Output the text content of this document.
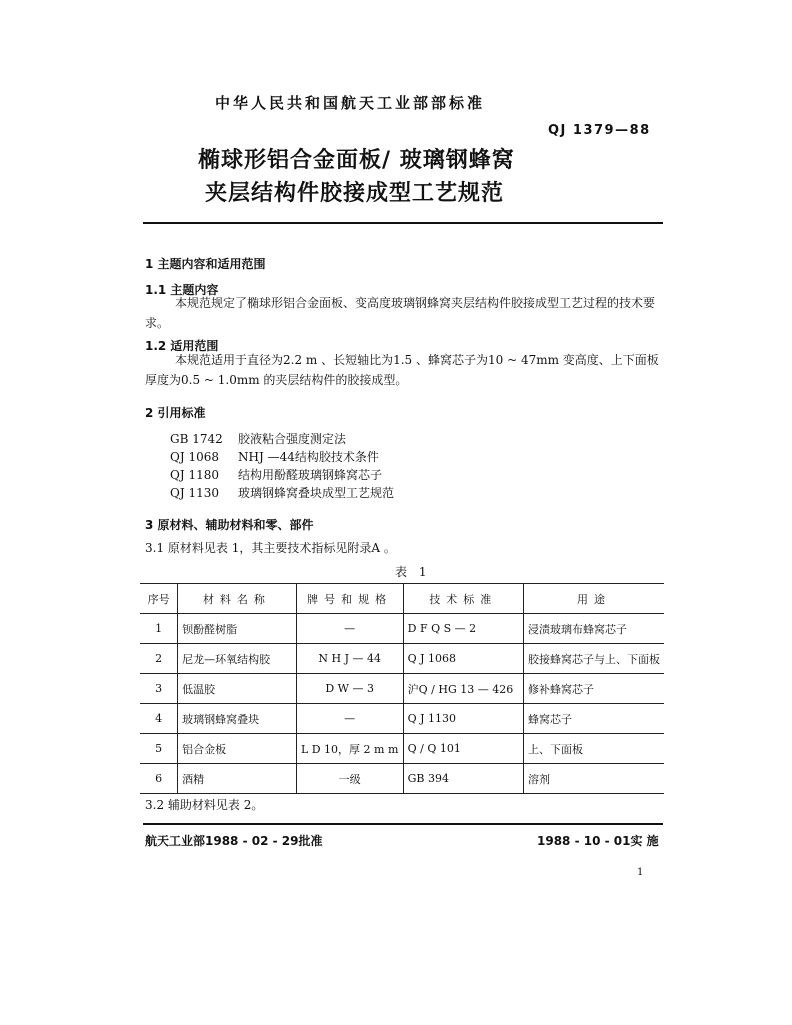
中华人民共和国航天工业部部标准
QJ 1379—88
椭球形铝合金面板/ 玻璃钢蜂窝
夹层结构件胶接成型工艺规范
1 主题内容和适用范围
1.1 主题内容
本规范规定了椭球形铝合金面板、变高度玻璃钢蜂窝夹层结构件胶接成型工艺过程的技术要求。
1.2 适用范围
本规范适用于直径为2.2 m 、长短轴比为1.5 、蜂窝芯子为10 ~ 47mm 变高度、上下面板厚度为0.5 ~ 1.0mm 的夹层结构件的胶接成型。
2 引用标准
GB 1742 胶液粘合强度测定法
QJ 1068 NHJ —44结构胶技术条件
QJ 1180 结构用酚醛玻璃钢蜂窝芯子
QJ 1130 玻璃钢蜂窝叠块成型工艺规范
3 原材料、辅助材料和零、部件
3.1 原材料见表 1，其主要技术指标见附录A 。
表 1
序号	材料名称	牌号和规格	技术标准	用途
1	钡酚醛树脂	—	D F Q S — 2	浸渍玻璃布蜂窝芯子
2	尼龙—环氧结构胶	N H J — 44	Q J 1068	胶接蜂窝芯子与上、下面板
3	低温胶	D W — 3	沪Q / HG 13 — 426	修补蜂窝芯子
4	玻璃钢蜂窝叠块	—	Q J 1130	蜂窝芯子
5	铝合金板	L D 10，厚 2 m m	Q / Q 101	上、下面板
6	酒精	一级	GB 394	溶剂
3.2 辅助材料见表 2。
航天工业部1988 - 02 - 29批准	1988 - 10 - 01实 施
1
